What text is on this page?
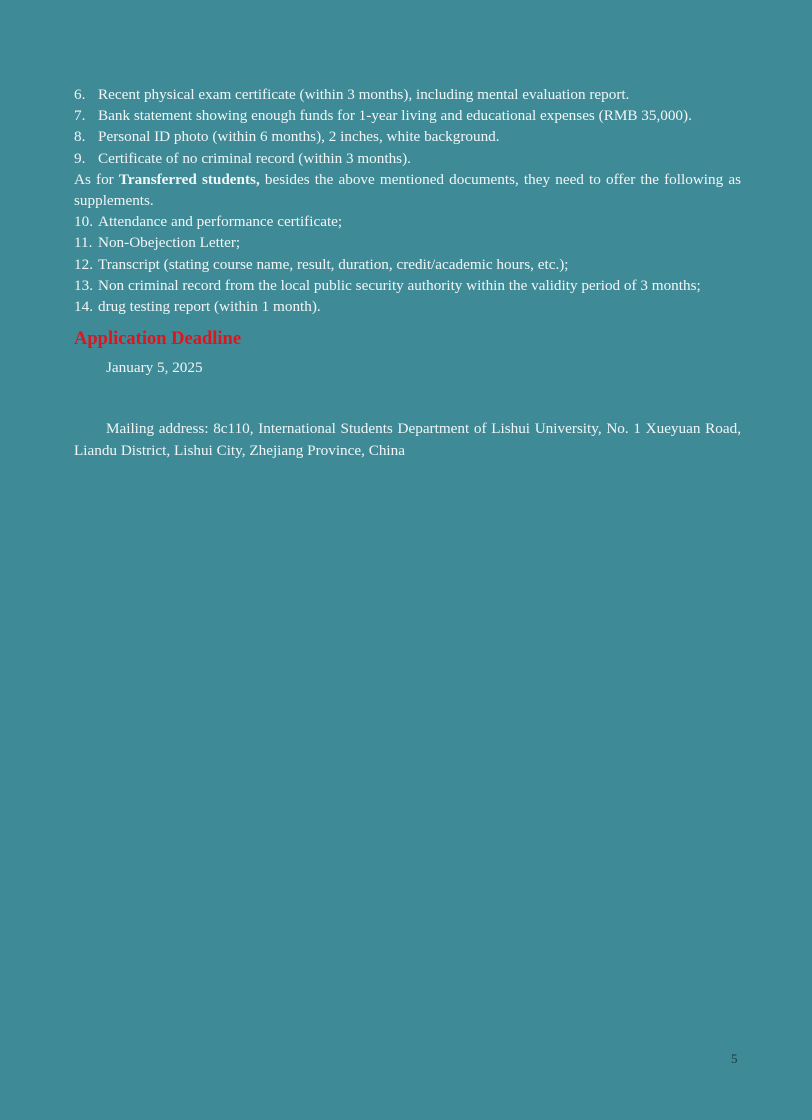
6. Recent physical exam certificate (within 3 months), including mental evaluation report.
7. Bank statement showing enough funds for 1-year living and educational expenses (RMB 35,000).
8. Personal ID photo (within 6 months), 2 inches, white background.
9. Certificate of no criminal record (within 3 months).
As for Transferred students, besides the above mentioned documents, they need to offer the following as supplements.
10. Attendance and performance certificate;
11. Non-Obejection Letter;
12. Transcript (stating course name, result, duration, credit/academic hours, etc.);
13. Non criminal record from the local public security authority within the validity period of 3 months;
14. drug testing report (within 1 month).
Application Deadline
January 5, 2025
Mailing address: 8c110, International Students Department of Lishui University, No. 1 Xueyuan Road, Liandu District, Lishui City, Zhejiang Province, China
5
